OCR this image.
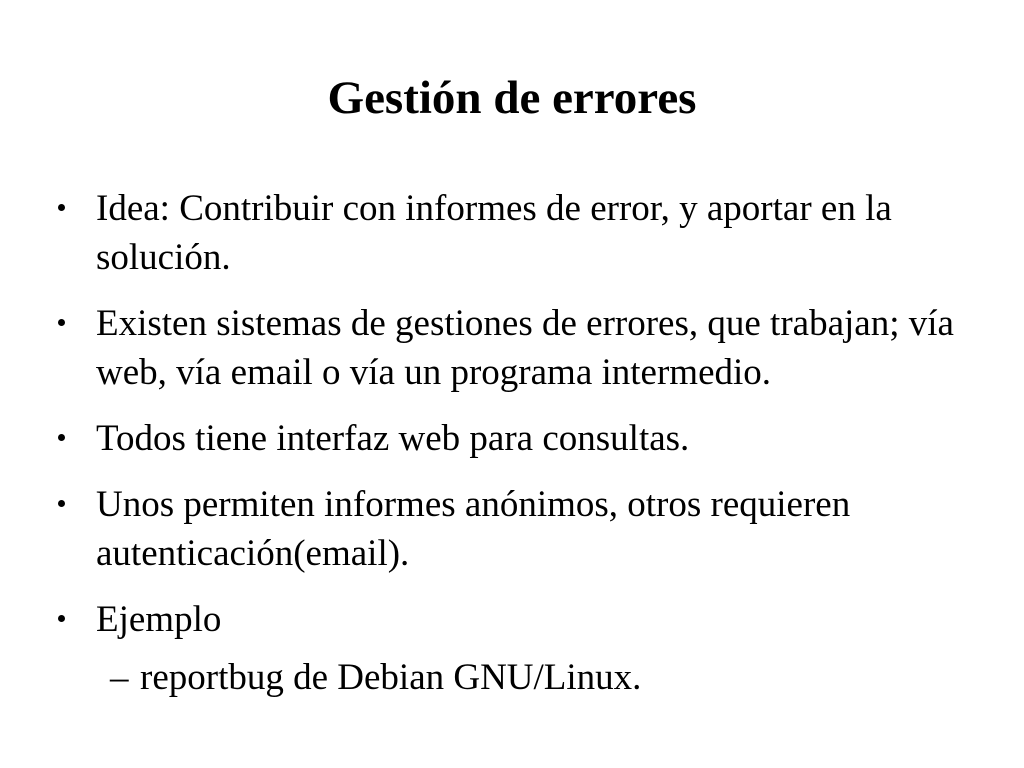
Gestión de errores
Idea: Contribuir con informes de error, y aportar en la solución.
Existen sistemas de gestiones de errores, que trabajan; vía web, vía email o vía un programa intermedio.
Todos tiene interfaz web para consultas.
Unos permiten informes anónimos, otros requieren autenticación(email).
Ejemplo
– reportbug de Debian GNU/Linux.
